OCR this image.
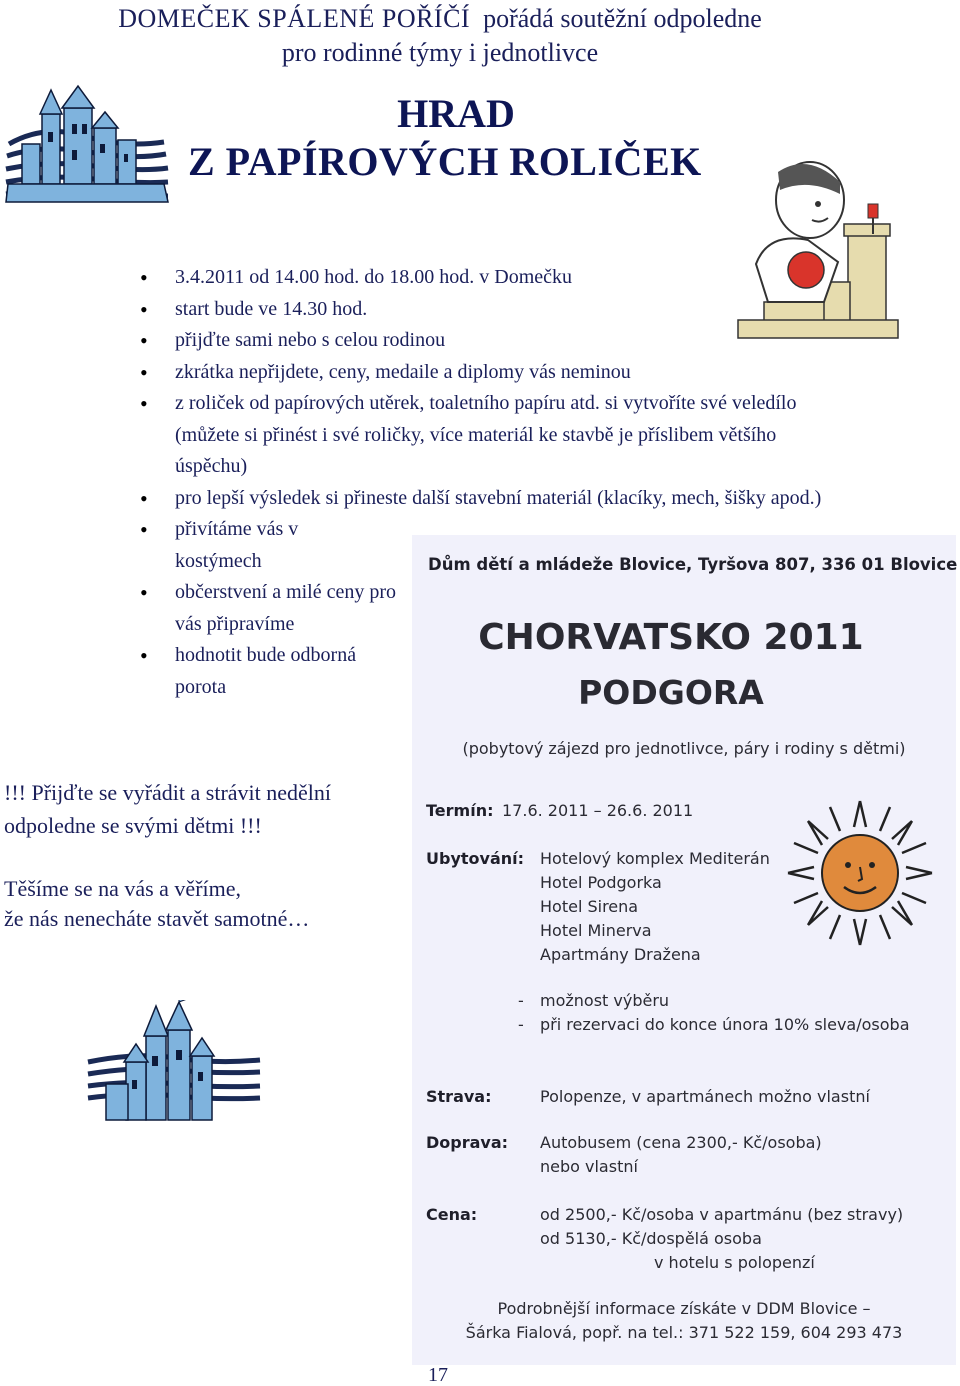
DOMEČEK SPÁLENÉ POŘÍČÍ pořádá soutěžní odpoledne
pro rodinné týmy i jednotlivce
HRAD
Z PAPÍROVÝCH ROLIČEK
• 3.4.2011 od 14.00 hod. do 18.00 hod. v Domečku
• start bude ve 14.30 hod.
• přijďte sami nebo s celou rodinou
• zkrátka nepřijdete, ceny, medaile a diplomy vás neminou
• z roliček od papírových utěrek, toaletního papíru atd. si vytvoříte své veledílo (můžete si přinést i své roličky, více materiál ke stavbě je příslibem většího úspěchu)
• pro lepší výsledek si přineste další stavební materiál (klacíky, mech, šišky apod.)
• přivítáme vás v kostýmech
• občerstvení a milé ceny pro vás připravíme
• hodnotit bude odborná porota
!!! Přijďte se vyřádit a strávit nedělní
odpoledne se svými dětmi !!!
Těšíme se na vás a věříme,
že nás nenecháte stavět samotné…
Dům dětí a mládeže Blovice, Tyršova 807, 336 01 Blovice
CHORVATSKO 2011
PODGORA
(pobytový zájezd pro jednotlivce, páry i rodiny s dětmi)
Termín: 17.6. 2011 – 26.6. 2011
Ubytování: Hotelový komplex Mediterán
Hotel Podgorka
Hotel Sirena
Hotel Minerva
Apartmány Dražena
- možnost výběru
- při rezervaci do konce února 10% sleva/osoba
Strava:	Polopenze, v apartmánech možno vlastní
Doprava: Autobusem (cena 2300,- Kč/osoba)
nebo vlastní
Cena:	od 2500,- Kč/osoba v apartmánu (bez stravy)
od 5130,- Kč/dospělá osoba
v hotelu s polopenzí
Podrobnější informace získáte v DDM Blovice –
Šárka Fialová, popř. na tel.: 371 522 159, 604 293 473
17
